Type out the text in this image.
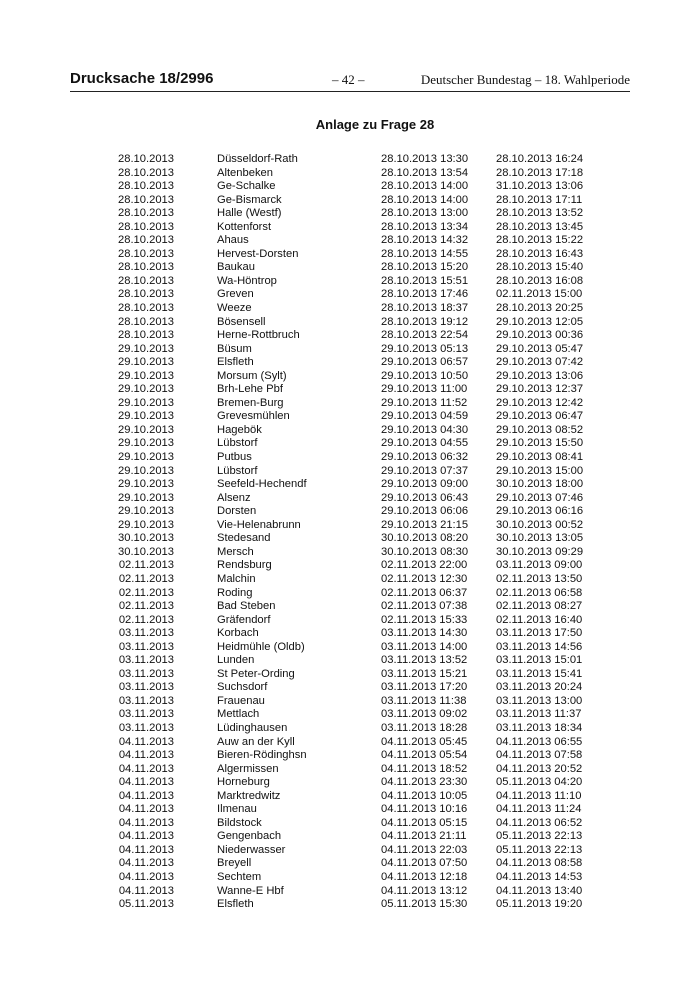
Drucksache 18/2996	– 42 –	Deutscher Bundestag – 18. Wahlperiode
Anlage zu Frage 28
28.10.2013	Düsseldorf-Rath	28.10.2013 13:30 28.10.2013 16:24
28.10.2013	Altenbeken	28.10.2013 13:54 28.10.2013 17:18
28.10.2013	Ge-Schalke	28.10.2013 14:00 31.10.2013 13:06
28.10.2013	Ge-Bismarck	28.10.2013 14:00 28.10.2013 17:11
28.10.2013	Halle (Westf)	28.10.2013 13:00 28.10.2013 13:52
28.10.2013	Kottenforst	28.10.2013 13:34 28.10.2013 13:45
28.10.2013	Ahaus	28.10.2013 14:32 28.10.2013 15:22
28.10.2013	Hervest-Dorsten	28.10.2013 14:55 28.10.2013 16:43
28.10.2013	Baukau	28.10.2013 15:20 28.10.2013 15:40
28.10.2013	Wa-Höntrop	28.10.2013 15:51 28.10.2013 16:08
28.10.2013	Greven	28.10.2013 17:46 02.11.2013 15:00
28.10.2013	Weeze	28.10.2013 18:37 28.10.2013 20:25
28.10.2013	Bösensell	28.10.2013 19:12 29.10.2013 12:05
28.10.2013	Herne-Rottbruch	28.10.2013 22:54 29.10.2013 00:36
29.10.2013	Büsum	29.10.2013 05:13 29.10.2013 05:47
29.10.2013	Elsfleth	29.10.2013 06:57 29.10.2013 07:42
29.10.2013	Morsum (Sylt)	29.10.2013 10:50 29.10.2013 13:06
29.10.2013	Brh-Lehe Pbf	29.10.2013 11:00	29.10.2013 12:37
29.10.2013	Bremen-Burg	29.10.2013 11:52	29.10.2013 12:42
29.10.2013	Grevesmühlen	29.10.2013 04:59 29.10.2013 06:47
29.10.2013	Hagebök	29.10.2013 04:30 29.10.2013 08:52
29.10.2013	Lübstorf	29.10.2013 04:55 29.10.2013 15:50
29.10.2013	Putbus	29.10.2013 06:32 29.10.2013 08:41
29.10.2013	Lübstorf	29.10.2013 07:37 29.10.2013 15:00
29.10.2013	Seefeld-Hechendf	29.10.2013 09:00 30.10.2013 18:00
29.10.2013	Alsenz	29.10.2013 06:43 29.10.2013 07:46
29.10.2013	Dorsten	29.10.2013 06:06 29.10.2013 06:16
29.10.2013	Vie-Helenabrunn	29.10.2013 21:15 30.10.2013 00:52
30.10.2013	Stedesand	30.10.2013 08:20 30.10.2013 13:05
30.10.2013	Mersch	30.10.2013 08:30 30.10.2013 09:29
02.11.2013	Rendsburg	02.11.2013 22:00	03.11.2013 09:00
02.11.2013	Malchin	02.11.2013 12:30	02.11.2013 13:50
02.11.2013	Roding	02.11.2013 06:37	02.11.2013 06:58
02.11.2013	Bad Steben	02.11.2013 07:38	02.11.2013 08:27
02.11.2013	Gräfendorf	02.11.2013 15:33	02.11.2013 16:40
03.11.2013	Korbach	03.11.2013 14:30	03.11.2013 17:50
03.11.2013	Heidmühle (Oldb)	03.11.2013 14:00	03.11.2013 14:56
03.11.2013	Lunden	03.11.2013 13:52	03.11.2013 15:01
03.11.2013	St Peter-Ording	03.11.2013 15:21	03.11.2013 15:41
03.11.2013	Suchsdorf	03.11.2013 17:20	03.11.2013 20:24
03.11.2013	Frauenau	03.11.2013 11:38	03.11.2013 13:00
03.11.2013	Mettlach	03.11.2013 09:02	03.11.2013 11:37
03.11.2013	Lüdinghausen	03.11.2013 18:28	03.11.2013 18:34
04.11.2013	Auw an der Kyll	04.11.2013 05:45	04.11.2013 06:55
04.11.2013	Bieren-Rödinghsn	04.11.2013 05:54	04.11.2013 07:58
04.11.2013	Algermissen	04.11.2013 18:52	04.11.2013 20:52
04.11.2013	Horneburg	04.11.2013 23:30	05.11.2013 04:20
04.11.2013	Marktredwitz	04.11.2013 10:05	04.11.2013 11:10
04.11.2013	Ilmenau	04.11.2013 10:16	04.11.2013 11:24
04.11.2013	Bildstock	04.11.2013 05:15	04.11.2013 06:52
04.11.2013	Gengenbach	04.11.2013 21:11	05.11.2013 22:13
04.11.2013	Niederwasser	04.11.2013 22:03	05.11.2013 22:13
04.11.2013	Breyell	04.11.2013 07:50	04.11.2013 08:58
04.11.2013	Sechtem	04.11.2013 12:18	04.11.2013 14:53
04.11.2013	Wanne-E Hbf	04.11.2013 13:12	04.11.2013 13:40
05.11.2013	Elsfleth	05.11.2013 15:30	05.11.2013 19:20
